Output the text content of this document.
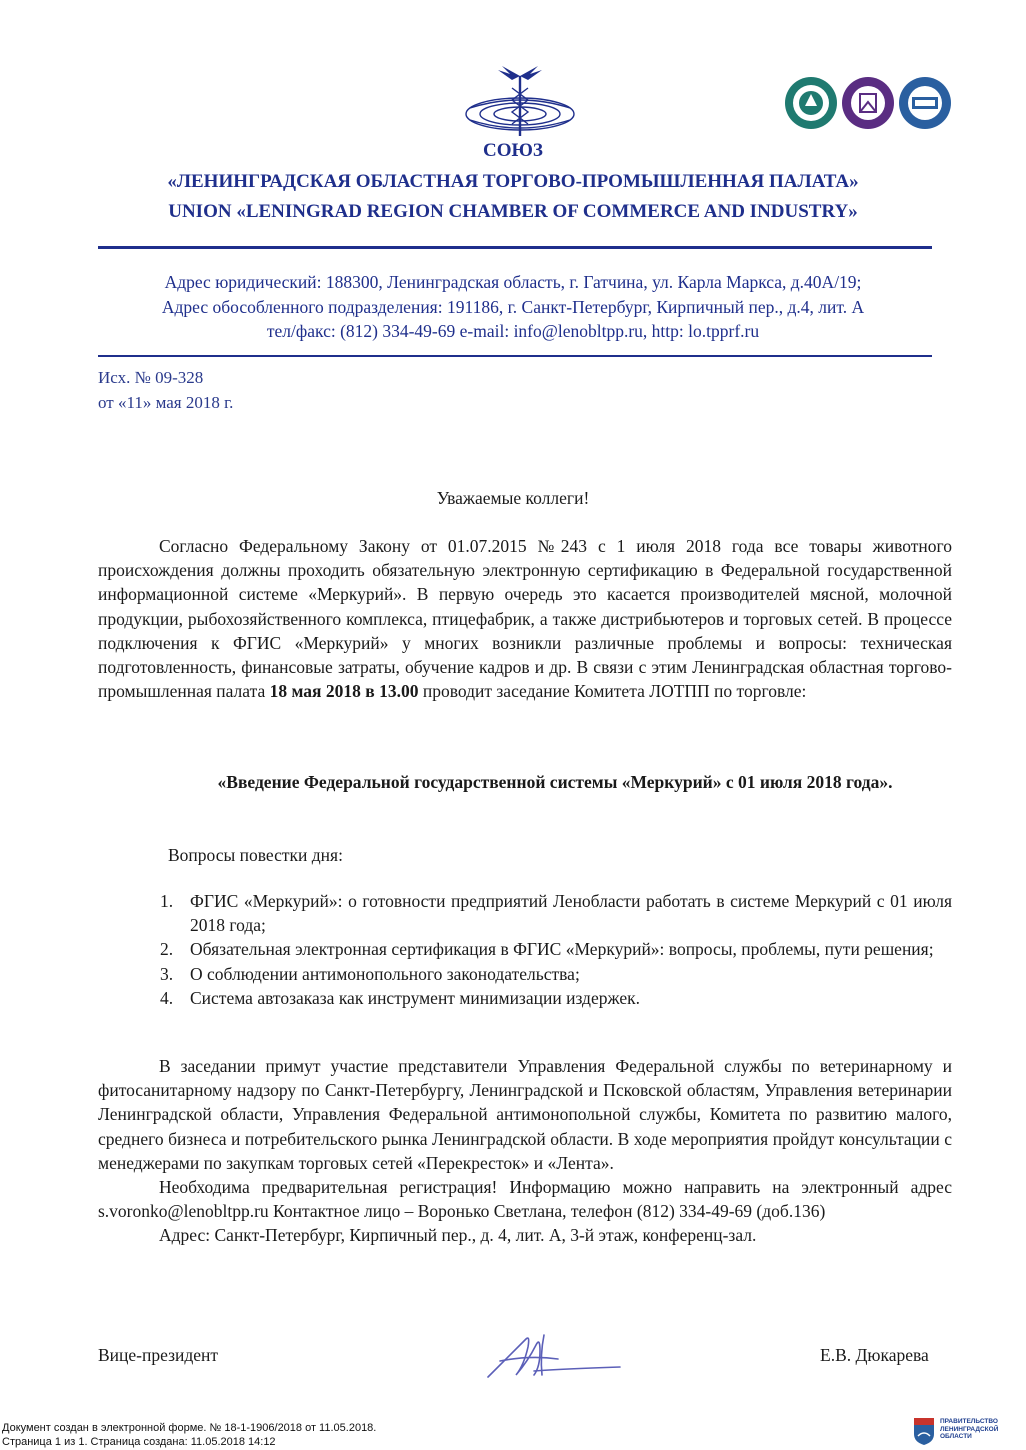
СОЮЗ
«ЛЕНИНГРАДСКАЯ ОБЛАСТНАЯ ТОРГОВО-ПРОМЫШЛЕННАЯ ПАЛАТА»
UNION «LENINGRAD REGION CHAMBER OF COMMERCE AND INDUSTRY»
Адрес юридический: 188300, Ленинградская область, г. Гатчина, ул. Карла Маркса, д.40А/19;
Адрес обособленного подразделения: 191186, г. Санкт-Петербург, Кирпичный пер., д.4, лит. А
тел/факс: (812) 334-49-69 e-mail: info@lenobltpp.ru, http: lo.tpprf.ru
Исх. № 09-328
от «11» мая 2018 г.
Уважаемые коллеги!

Согласно Федеральному Закону от 01.07.2015 №243 с 1 июля 2018 года все товары животного происхождения должны проходить обязательную электронную сертификацию в Федеральной государственной информационной системе «Меркурий». В первую очередь это касается производителей мясной, молочной продукции, рыбохозяйственного комплекса, птицефабрик, а также дистрибьютеров и торговых сетей. В процессе подключения к ФГИС «Меркурий» у многих возникли различные проблемы и вопросы: техническая подготовленность, финансовые затраты, обучение кадров и др. В связи с этим Ленинградская областная торгово-промышленная палата 18 мая 2018 в 13.00 проводит заседание Комитета ЛОТПП по торговле:

«Введение Федеральной государственной системы «Меркурий» с 01 июля 2018 года».
Вопросы повестки дня:
1. ФГИС «Меркурий»: о готовности предприятий Ленобласти работать в системе Меркурий с 01 июля 2018 года;
2. Обязательная электронная сертификация в ФГИС «Меркурий»: вопросы, проблемы, пути решения;
3. О соблюдении антимонопольного законодательства;
4. Система автозаказа как инструмент минимизации издержек.

В заседании примут участие представители Управления Федеральной службы по ветеринарному и фитосанитарному надзору по Санкт-Петербургу, Ленинградской и Псковской областям, Управления ветеринарии Ленинградской области, Управления Федеральной антимонопольной службы, Комитета по развитию малого, среднего бизнеса и потребительского рынка Ленинградской области. В ходе мероприятия пройдут консультации с менеджерами по закупкам торговых сетей «Перекресток» и «Лента».

Необходима предварительная регистрация! Информацию можно направить на электронный адрес s.voronko@lenobltpp.ru Контактное лицо – Воронько Светлана, телефон (812) 334-49-69 (доб.136)

Адрес: Санкт-Петербург, Кирпичный пер., д. 4, лит. А, 3-й этаж, конференц-зал.

Вице-президент	Е.В. Дюкарева
Документ создан в электронной форме. № 18-1-1906/2018 от 11.05.2018.
Страница 1 из 1. Страница создана: 11.05.2018 14:12
ПРАВИТЕЛЬСТВО
ЛЕНИНГРАДСКОЙ
ОБЛАСТИ
